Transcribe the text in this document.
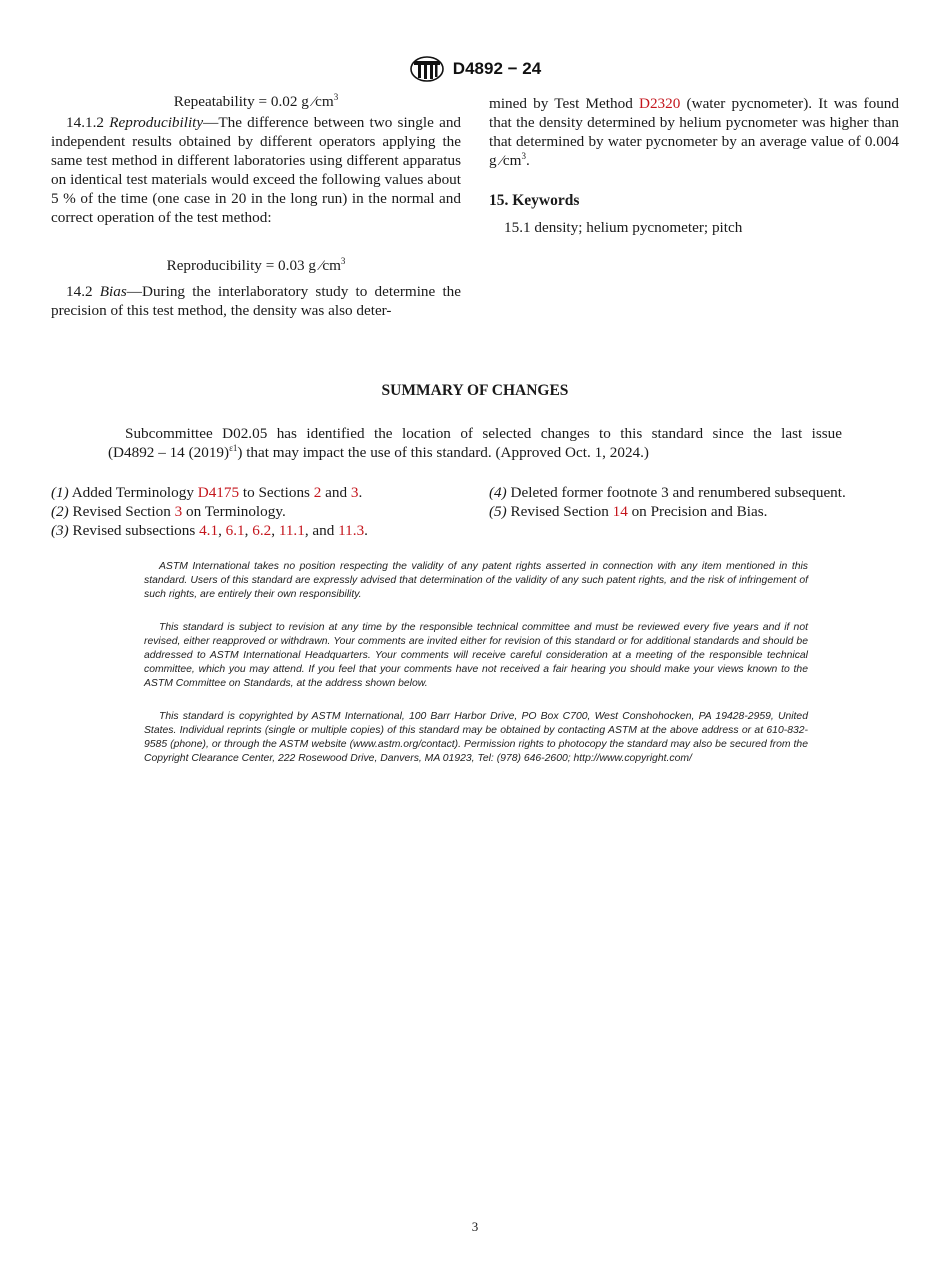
D4892 − 24
Repeatability = 0.02 g $⁄cm^3$
14.1.2 Reproducibility—The difference between two single and independent results obtained by different operators applying the same test method in different laboratories using different apparatus on identical test materials would exceed the following values about 5 % of the time (one case in 20 in the long run) in the normal and correct operation of the test method:
Reproducibility = 0.03 g $⁄cm^3$
14.2 Bias—During the interlaboratory study to determine the precision of this test method, the density was also deter-
mined by Test Method D2320 (water pycnometer). It was found that the density determined by helium pycnometer was higher than that determined by water pycnometer by an average value of 0.004 g $⁄cm^3$.
15. Keywords
15.1 density; helium pycnometer; pitch
SUMMARY OF CHANGES
Subcommittee D02.05 has identified the location of selected changes to this standard since the last issue
(D4892 – 14 $(2019)^{\varepsilon 1}$) that may impact the use of this standard. (Approved Oct. 1, 2024.)
(1) Added Terminology D4175 to Sections 2 and 3.
(2) Revised Section 3 on Terminology.
(3) Revised subsections 4.1, 6.1, 6.2, 11.1, and 11.3.
(4) Deleted former footnote 3 and renumbered subsequent.
(5) Revised Section 14 on Precision and Bias.
ASTM International takes no position respecting the validity of any patent rights asserted in connection with any item mentioned in this standard. Users of this standard are expressly advised that determination of the validity of any such patent rights, and the risk of infringement of such rights, are entirely their own responsibility.
This standard is subject to revision at any time by the responsible technical committee and must be reviewed every five years and if not revised, either reapproved or withdrawn. Your comments are invited either for revision of this standard or for additional standards and should be addressed to ASTM International Headquarters. Your comments will receive careful consideration at a meeting of the responsible technical committee, which you may attend. If you feel that your comments have not received a fair hearing you should make your views known to the ASTM Committee on Standards, at the address shown below.
This standard is copyrighted by ASTM International, 100 Barr Harbor Drive, PO Box C700, West Conshohocken, PA 19428-2959, United States. Individual reprints (single or multiple copies) of this standard may be obtained by contacting ASTM at the above address or at 610-832-9585 (phone), or through the ASTM website (www.astm.org/contact). Permission rights to photocopy the standard may also be secured from the Copyright Clearance Center, 222 Rosewood Drive, Danvers, MA 01923, Tel: (978) 646-2600; http://www.copyright.com/
3
